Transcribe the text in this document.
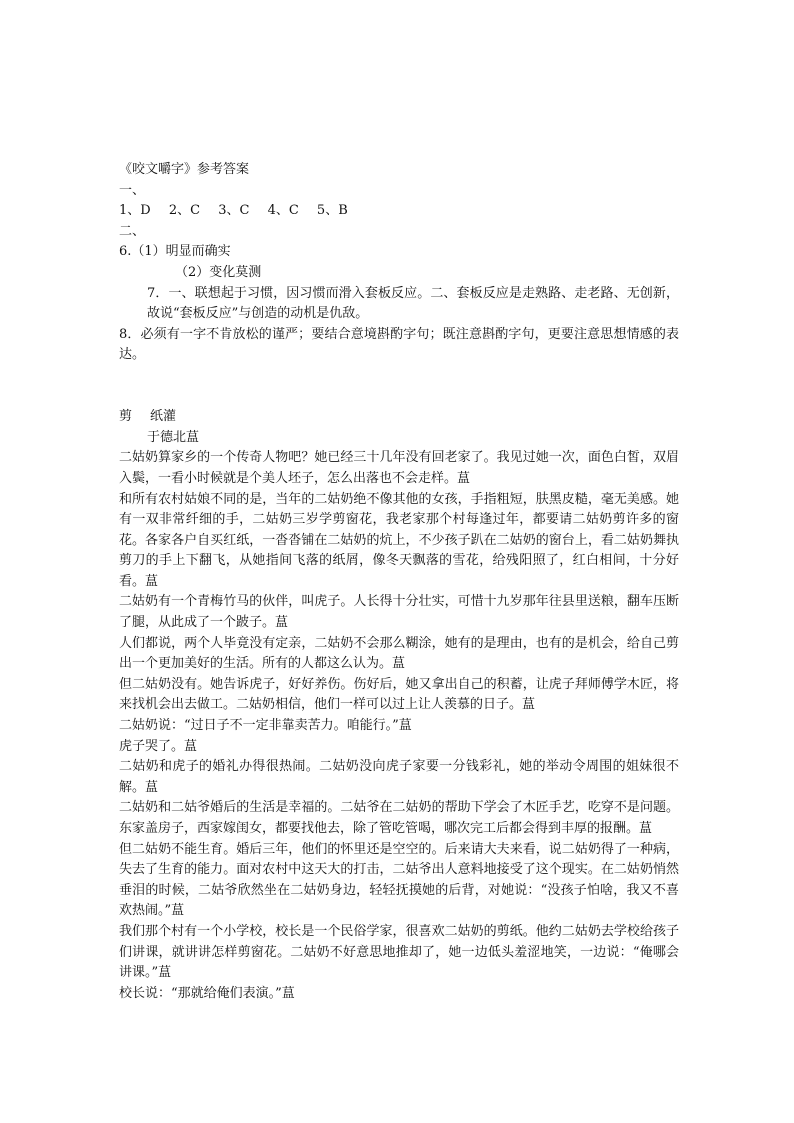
《咬文嚼字》参考答案
一、
1、D 2、C 3、C 4、C 5、B
二、
6.（1）明显而确实
（2）变化莫测
7．一、联想起于习惯，因习惯而滑入套板反应。二、套板反应是走熟路、走老路、无创新，故说“套板反应”与创造的动机是仇敌。
8．必须有一字不肯放松的谨严；要结合意境斟酌字句；既注意斟酌字句，更要注意思想情感的表达。
剪 纸灌
于德北蒀
二姑奶算家乡的一个传奇人物吧？她已经三十几年没有回老家了。我见过她一次，面色白皙，双眉入鬓，一看小时候就是个美人坯子，怎么出落也不会走样。蒀
和所有农村姑娘不同的是，当年的二姑奶绝不像其他的女孩，手指粗短，肤黑皮糙，毫无美感。她有一双非常纤细的手，二姑奶三岁学剪窗花，我老家那个村每逢过年，都要请二姑奶剪许多的窗花。各家各户自买红纸，一沓沓铺在二姑奶的炕上，不少孩子趴在二姑奶的窗台上，看二姑奶舞执剪刀的手上下翻飞，从她指间飞落的纸屑，像冬天飘落的雪花，给残阳照了，红白相间，十分好看。蒀
二姑奶有一个青梅竹马的伙伴，叫虎子。人长得十分壮实，可惜十九岁那年往县里送粮，翻车压断了腿，从此成了一个跛子。蒀
人们都说，两个人毕竟没有定亲，二姑奶不会那么糊涂，她有的是理由，也有的是机会，给自己剪出一个更加美好的生活。所有的人都这么认为。蒀
但二姑奶没有。她告诉虎子，好好养伤。伤好后，她又拿出自己的积蓄，让虎子拜师傅学木匠，将来找机会出去做工。二姑奶相信，他们一样可以过上让人羡慕的日子。蒀
二姑奶说：“过日子不一定非靠卖苦力。咱能行。”蒀
虎子哭了。蒀
二姑奶和虎子的婚礼办得很热闹。二姑奶没向虎子家要一分钱彩礼，她的举动令周围的姐妹很不解。蒀
二姑奶和二姑爷婚后的生活是幸福的。二姑爷在二姑奶的帮助下学会了木匠手艺，吃穿不是问题。东家盖房子，西家嫁闺女，都要找他去，除了管吃管喝，哪次完工后都会得到丰厚的报酬。蒀
但二姑奶不能生育。婚后三年，他们的怀里还是空空的。后来请大夫来看，说二姑奶得了一种病，失去了生育的能力。面对农村中这天大的打击，二姑爷出人意料地接受了这个现实。在二姑奶悄然垂泪的时候，二姑爷欣然坐在二姑奶身边，轻轻抚摸她的后背，对她说：“没孩子怕啥，我又不喜欢热闹。”蒀
我们那个村有一个小学校，校长是一个民俗学家，很喜欢二姑奶的剪纸。他约二姑奶去学校给孩子们讲课，就讲讲怎样剪窗花。二姑奶不好意思地推却了，她一边低头羞涩地笑，一边说：“俺哪会讲课。”蒀
校长说：“那就给俺们表演。”蒀
